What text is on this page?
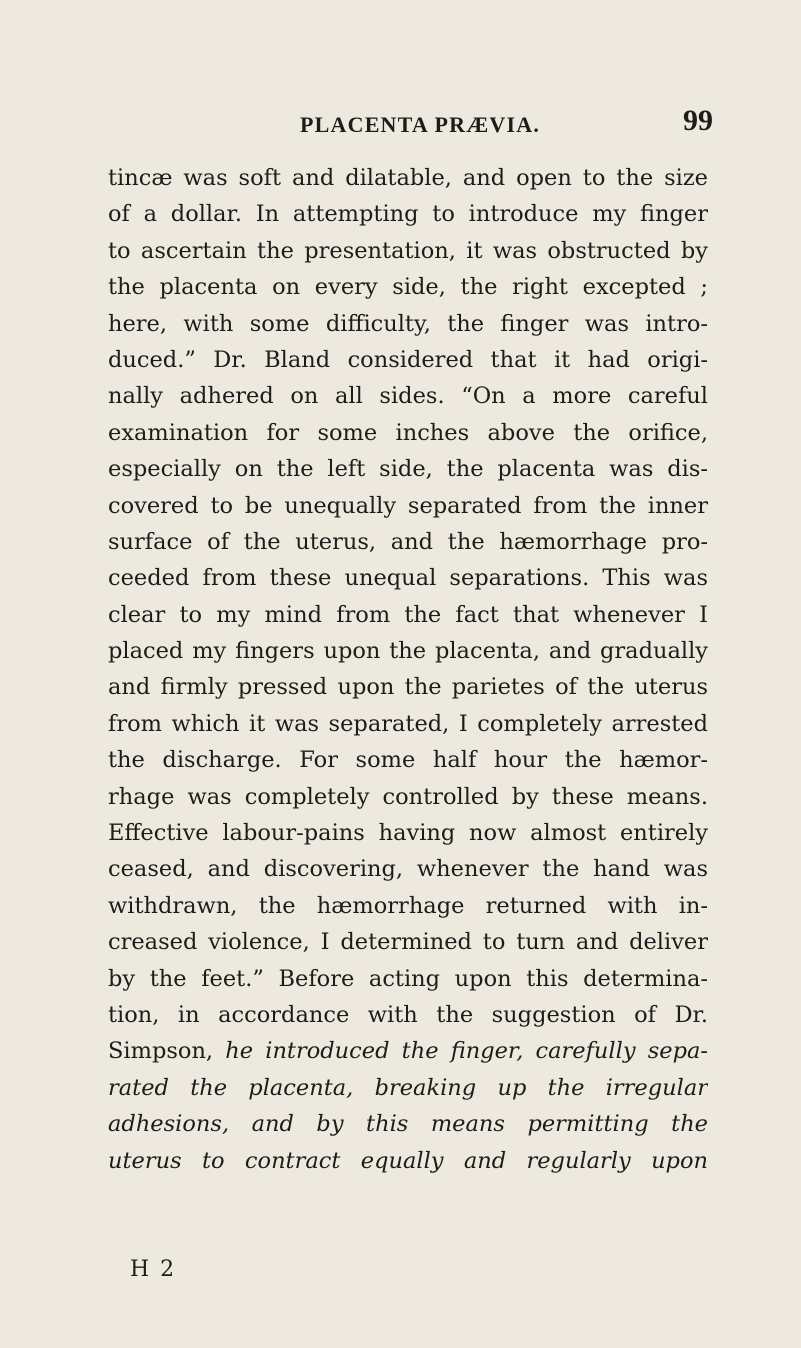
PLACENTA PRÆVIA.	99
tincæ was soft and dilatable, and open to the size
of a dollar. In attempting to introduce my finger
to ascertain the presentation, it was obstructed by
the placenta on every side, the right excepted ;
here, with some difficulty, the finger was intro-
duced.” Dr. Bland considered that it had origi-
nally adhered on all sides. “On a more careful
examination for some inches above the orifice,
especially on the left side, the placenta was dis-
covered to be unequally separated from the inner
surface of the uterus, and the hæmorrhage pro-
ceeded from these unequal separations. This was
clear to my mind from the fact that whenever I
placed my fingers upon the placenta, and gradually
and firmly pressed upon the parietes of the uterus
from which it was separated, I completely arrested
the discharge. For some half hour the hæmor-
rhage was completely controlled by these means.
Effective labour-pains having now almost entirely
ceased, and discovering, whenever the hand was
withdrawn, the hæmorrhage returned with in-
creased violence, I determined to turn and deliver
by the feet.” Before acting upon this determina-
tion, in accordance with the suggestion of Dr.
Simpson, he introduced the finger, carefully sepa-
rated the placenta, breaking up the irregular
adhesions, and by this means permitting the
uterus to contract equally and regularly upon
H 2
